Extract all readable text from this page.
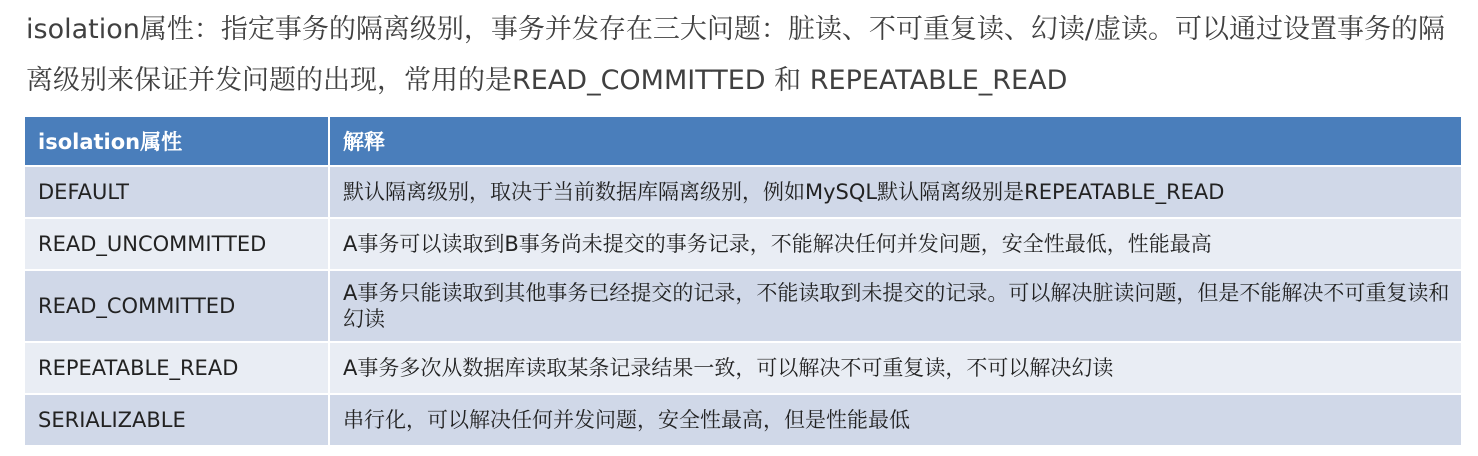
isolation属性：指定事务的隔离级别，事务并发存在三大问题：脏读、不可重复读、幻读/虚读。可以通过设置事务的隔离级别来保证并发问题的出现，常用的是READ_COMMITTED 和 REPEATABLE_READ

isolation属性	解释
DEFAULT	默认隔离级别，取决于当前数据库隔离级别，例如MySQL默认隔离级别是REPEATABLE_READ
READ_UNCOMMITTED	A事务可以读取到B事务尚未提交的事务记录，不能解决任何并发问题，安全性最低，性能最高
READ_COMMITTED	A事务只能读取到其他事务已经提交的记录，不能读取到未提交的记录。可以解决脏读问题，但是不能解决不可重复读和幻读
REPEATABLE_READ	A事务多次从数据库读取某条记录结果一致，可以解决不可重复读，不可以解决幻读
SERIALIZABLE	串行化，可以解决任何并发问题，安全性最高，但是性能最低
